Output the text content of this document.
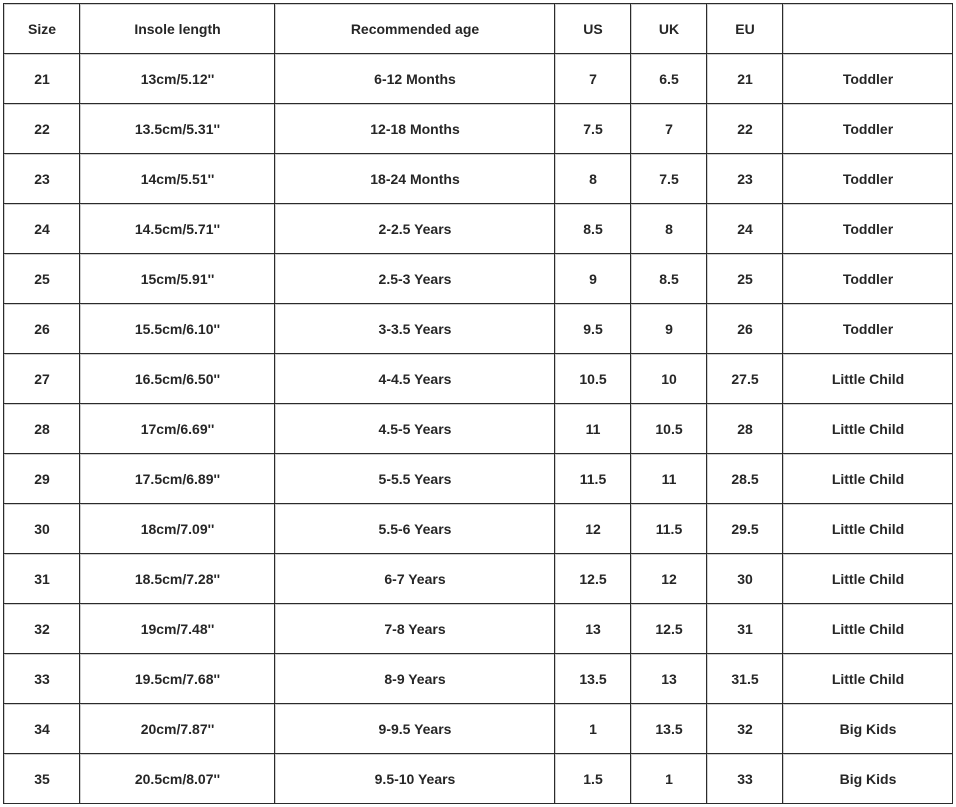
Size	Insole length	Recommended age	US	UK	EU	
21	13cm/5.12''	6-12 Months	7	6.5	21	Toddler
22	13.5cm/5.31''	12-18 Months	7.5	7	22	Toddler
23	14cm/5.51''	18-24 Months	8	7.5	23	Toddler
24	14.5cm/5.71''	2-2.5 Years	8.5	8	24	Toddler
25	15cm/5.91''	2.5-3 Years	9	8.5	25	Toddler
26	15.5cm/6.10''	3-3.5 Years	9.5	9	26	Toddler
27	16.5cm/6.50''	4-4.5 Years	10.5	10	27.5	Little Child
28	17cm/6.69''	4.5-5 Years	11	10.5	28	Little Child
29	17.5cm/6.89''	5-5.5 Years	11.5	11	28.5	Little Child
30	18cm/7.09''	5.5-6 Years	12	11.5	29.5	Little Child
31	18.5cm/7.28''	6-7 Years	12.5	12	30	Little Child
32	19cm/7.48''	7-8 Years	13	12.5	31	Little Child
33	19.5cm/7.68''	8-9 Years	13.5	13	31.5	Little Child
34	20cm/7.87''	9-9.5 Years	1	13.5	32	Big Kids
35	20.5cm/8.07''	9.5-10 Years	1.5	1	33	Big Kids
